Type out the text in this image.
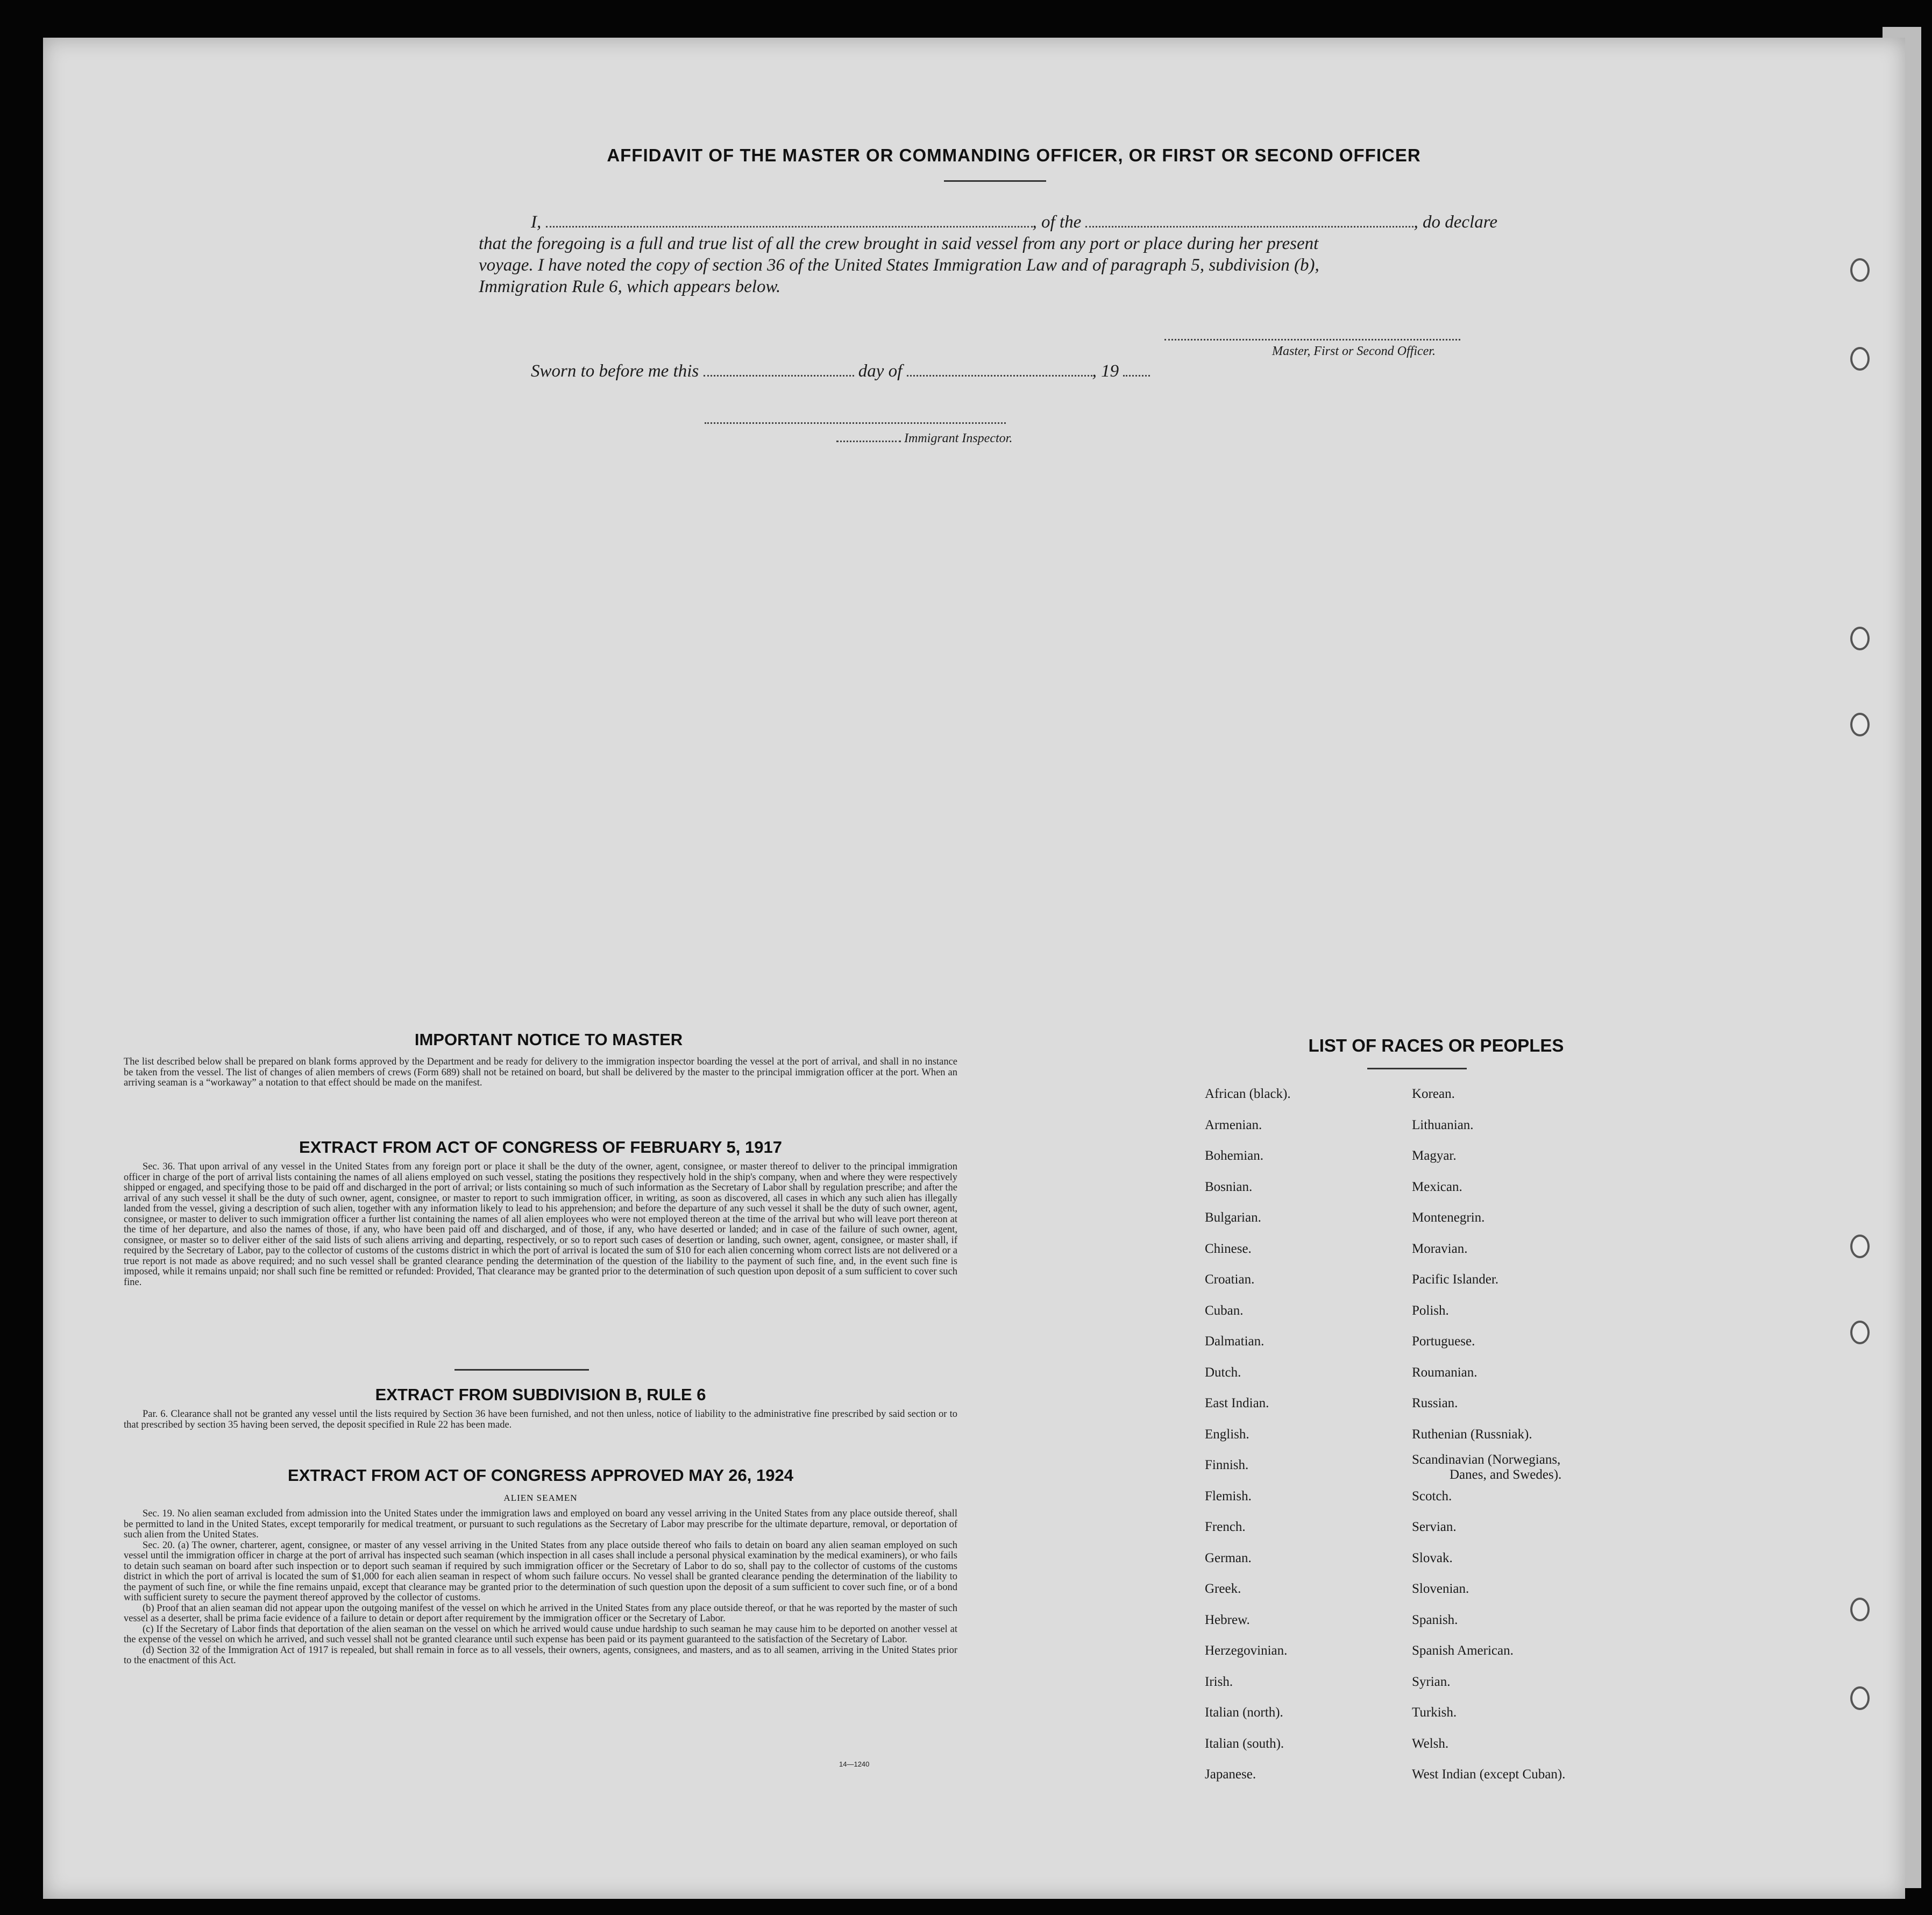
AFFIDAVIT OF THE MASTER OR COMMANDING OFFICER, OR FIRST OR SECOND OFFICER
I,	, of the	, do declare
that the foregoing is a full and true list of all the crew brought in said vessel from any port or place during her present
voyage. I have noted the copy of section 36 of the United States Immigration Law and of paragraph 5, subdivision (b),
Immigration Rule 6, which appears below.
Master, First or Second Officer.
Sworn to before me this	day of	, 19
Immigrant Inspector.
IMPORTANT NOTICE TO MASTER
The list described below shall be prepared on blank forms approved by the Department and be ready for delivery to the immigration inspector boarding the vessel at the port of arrival, and shall in no instance be taken from the vessel. The list of changes of alien members of crews (Form 689) shall not be retained on board, but shall be delivered by the master to the principal immigration officer at the port. When an arriving seaman is a “workaway” a notation to that effect should be made on the manifest.
EXTRACT FROM ACT OF CONGRESS OF FEBRUARY 5, 1917
Sec. 36. That upon arrival of any vessel in the United States from any foreign port or place it shall be the duty of the owner, agent, consignee, or master thereof to deliver to the principal immigration officer in charge of the port of arrival lists containing the names of all aliens employed on such vessel, stating the positions they respectively hold in the ship's company, when and where they were respectively shipped or engaged, and specifying those to be paid off and discharged in the port of arrival; or lists containing so much of such information as the Secretary of Labor shall by regulation prescribe; and after the arrival of any such vessel it shall be the duty of such owner, agent, consignee, or master to report to such immigration officer, in writing, as soon as discovered, all cases in which any such alien has illegally landed from the vessel, giving a description of such alien, together with any information likely to lead to his apprehension; and before the departure of any such vessel it shall be the duty of such owner, agent, consignee, or master to deliver to such immigration officer a further list containing the names of all alien employees who were not employed thereon at the time of the arrival but who will leave port thereon at the time of her departure, and also the names of those, if any, who have been paid off and discharged, and of those, if any, who have deserted or landed; and in case of the failure of such owner, agent, consignee, or master so to deliver either of the said lists of such aliens arriving and departing, respectively, or so to report such cases of desertion or landing, such owner, agent, consignee, or master shall, if required by the Secretary of Labor, pay to the collector of customs of the customs district in which the port of arrival is located the sum of $10 for each alien concerning whom correct lists are not delivered or a true report is not made as above required; and no such vessel shall be granted clearance pending the determination of the question of the liability to the payment of such fine, and, in the event such fine is imposed, while it remains unpaid; nor shall such fine be remitted or refunded: Provided, That clearance may be granted prior to the determination of such question upon deposit of a sum sufficient to cover such fine.
EXTRACT FROM SUBDIVISION B, RULE 6
Par. 6. Clearance shall not be granted any vessel until the lists required by Section 36 have been furnished, and not then unless, notice of liability to the administrative fine prescribed by said section or to that prescribed by section 35 having been served, the deposit specified in Rule 22 has been made.
EXTRACT FROM ACT OF CONGRESS APPROVED MAY 26, 1924
ALIEN SEAMEN
Sec. 19. No alien seaman excluded from admission into the United States under the immigration laws and employed on board any vessel arriving in the United States from any place outside thereof, shall be permitted to land in the United States, except temporarily for medical treatment, or pursuant to such regulations as the Secretary of Labor may prescribe for the ultimate departure, removal, or deportation of such alien from the United States.
Sec. 20. (a) The owner, charterer, agent, consignee, or master of any vessel arriving in the United States from any place outside thereof who fails to detain on board any alien seaman employed on such vessel until the immigration officer in charge at the port of arrival has inspected such seaman (which inspection in all cases shall include a personal physical examination by the medical examiners), or who fails to detain such seaman on board after such inspection or to deport such seaman if required by such immigration officer or the Secretary of Labor to do so, shall pay to the collector of customs of the customs district in which the port of arrival is located the sum of $1,000 for each alien seaman in respect of whom such failure occurs. No vessel shall be granted clearance pending the determination of the liability to the payment of such fine, or while the fine remains unpaid, except that clearance may be granted prior to the determination of such question upon the deposit of a sum sufficient to cover such fine, or of a bond with sufficient surety to secure the payment thereof approved by the collector of customs.
(b) Proof that an alien seaman did not appear upon the outgoing manifest of the vessel on which he arrived in the United States from any place outside thereof, or that he was reported by the master of such vessel as a deserter, shall be prima facie evidence of a failure to detain or deport after requirement by the immigration officer or the Secretary of Labor.
(c) If the Secretary of Labor finds that deportation of the alien seaman on the vessel on which he arrived would cause undue hardship to such seaman he may cause him to be deported on another vessel at the expense of the vessel on which he arrived, and such vessel shall not be granted clearance until such expense has been paid or its payment guaranteed to the satisfaction of the Secretary of Labor.
(d) Section 32 of the Immigration Act of 1917 is repealed, but shall remain in force as to all vessels, their owners, agents, consignees, and masters, and as to all seamen, arriving in the United States prior to the enactment of this Act.
14—1240
LIST OF RACES OR PEOPLES
African (black).
Armenian.
Bohemian.
Bosnian.
Bulgarian.
Chinese.
Croatian.
Cuban.
Dalmatian.
Dutch.
East Indian.
English.
Finnish.
Flemish.
French.
German.
Greek.
Hebrew.
Herzegovinian.
Irish.
Italian (north).
Italian (south).
Japanese.
Korean.
Lithuanian.
Magyar.
Mexican.
Montenegrin.
Moravian.
Pacific Islander.
Polish.
Portuguese.
Roumanian.
Russian.
Ruthenian (Russniak).
Scandinavian (Norwegians,
Danes, and Swedes).
Scotch.
Servian.
Slovak.
Slovenian.
Spanish.
Spanish American.
Syrian.
Turkish.
Welsh.
West Indian (except Cuban).
